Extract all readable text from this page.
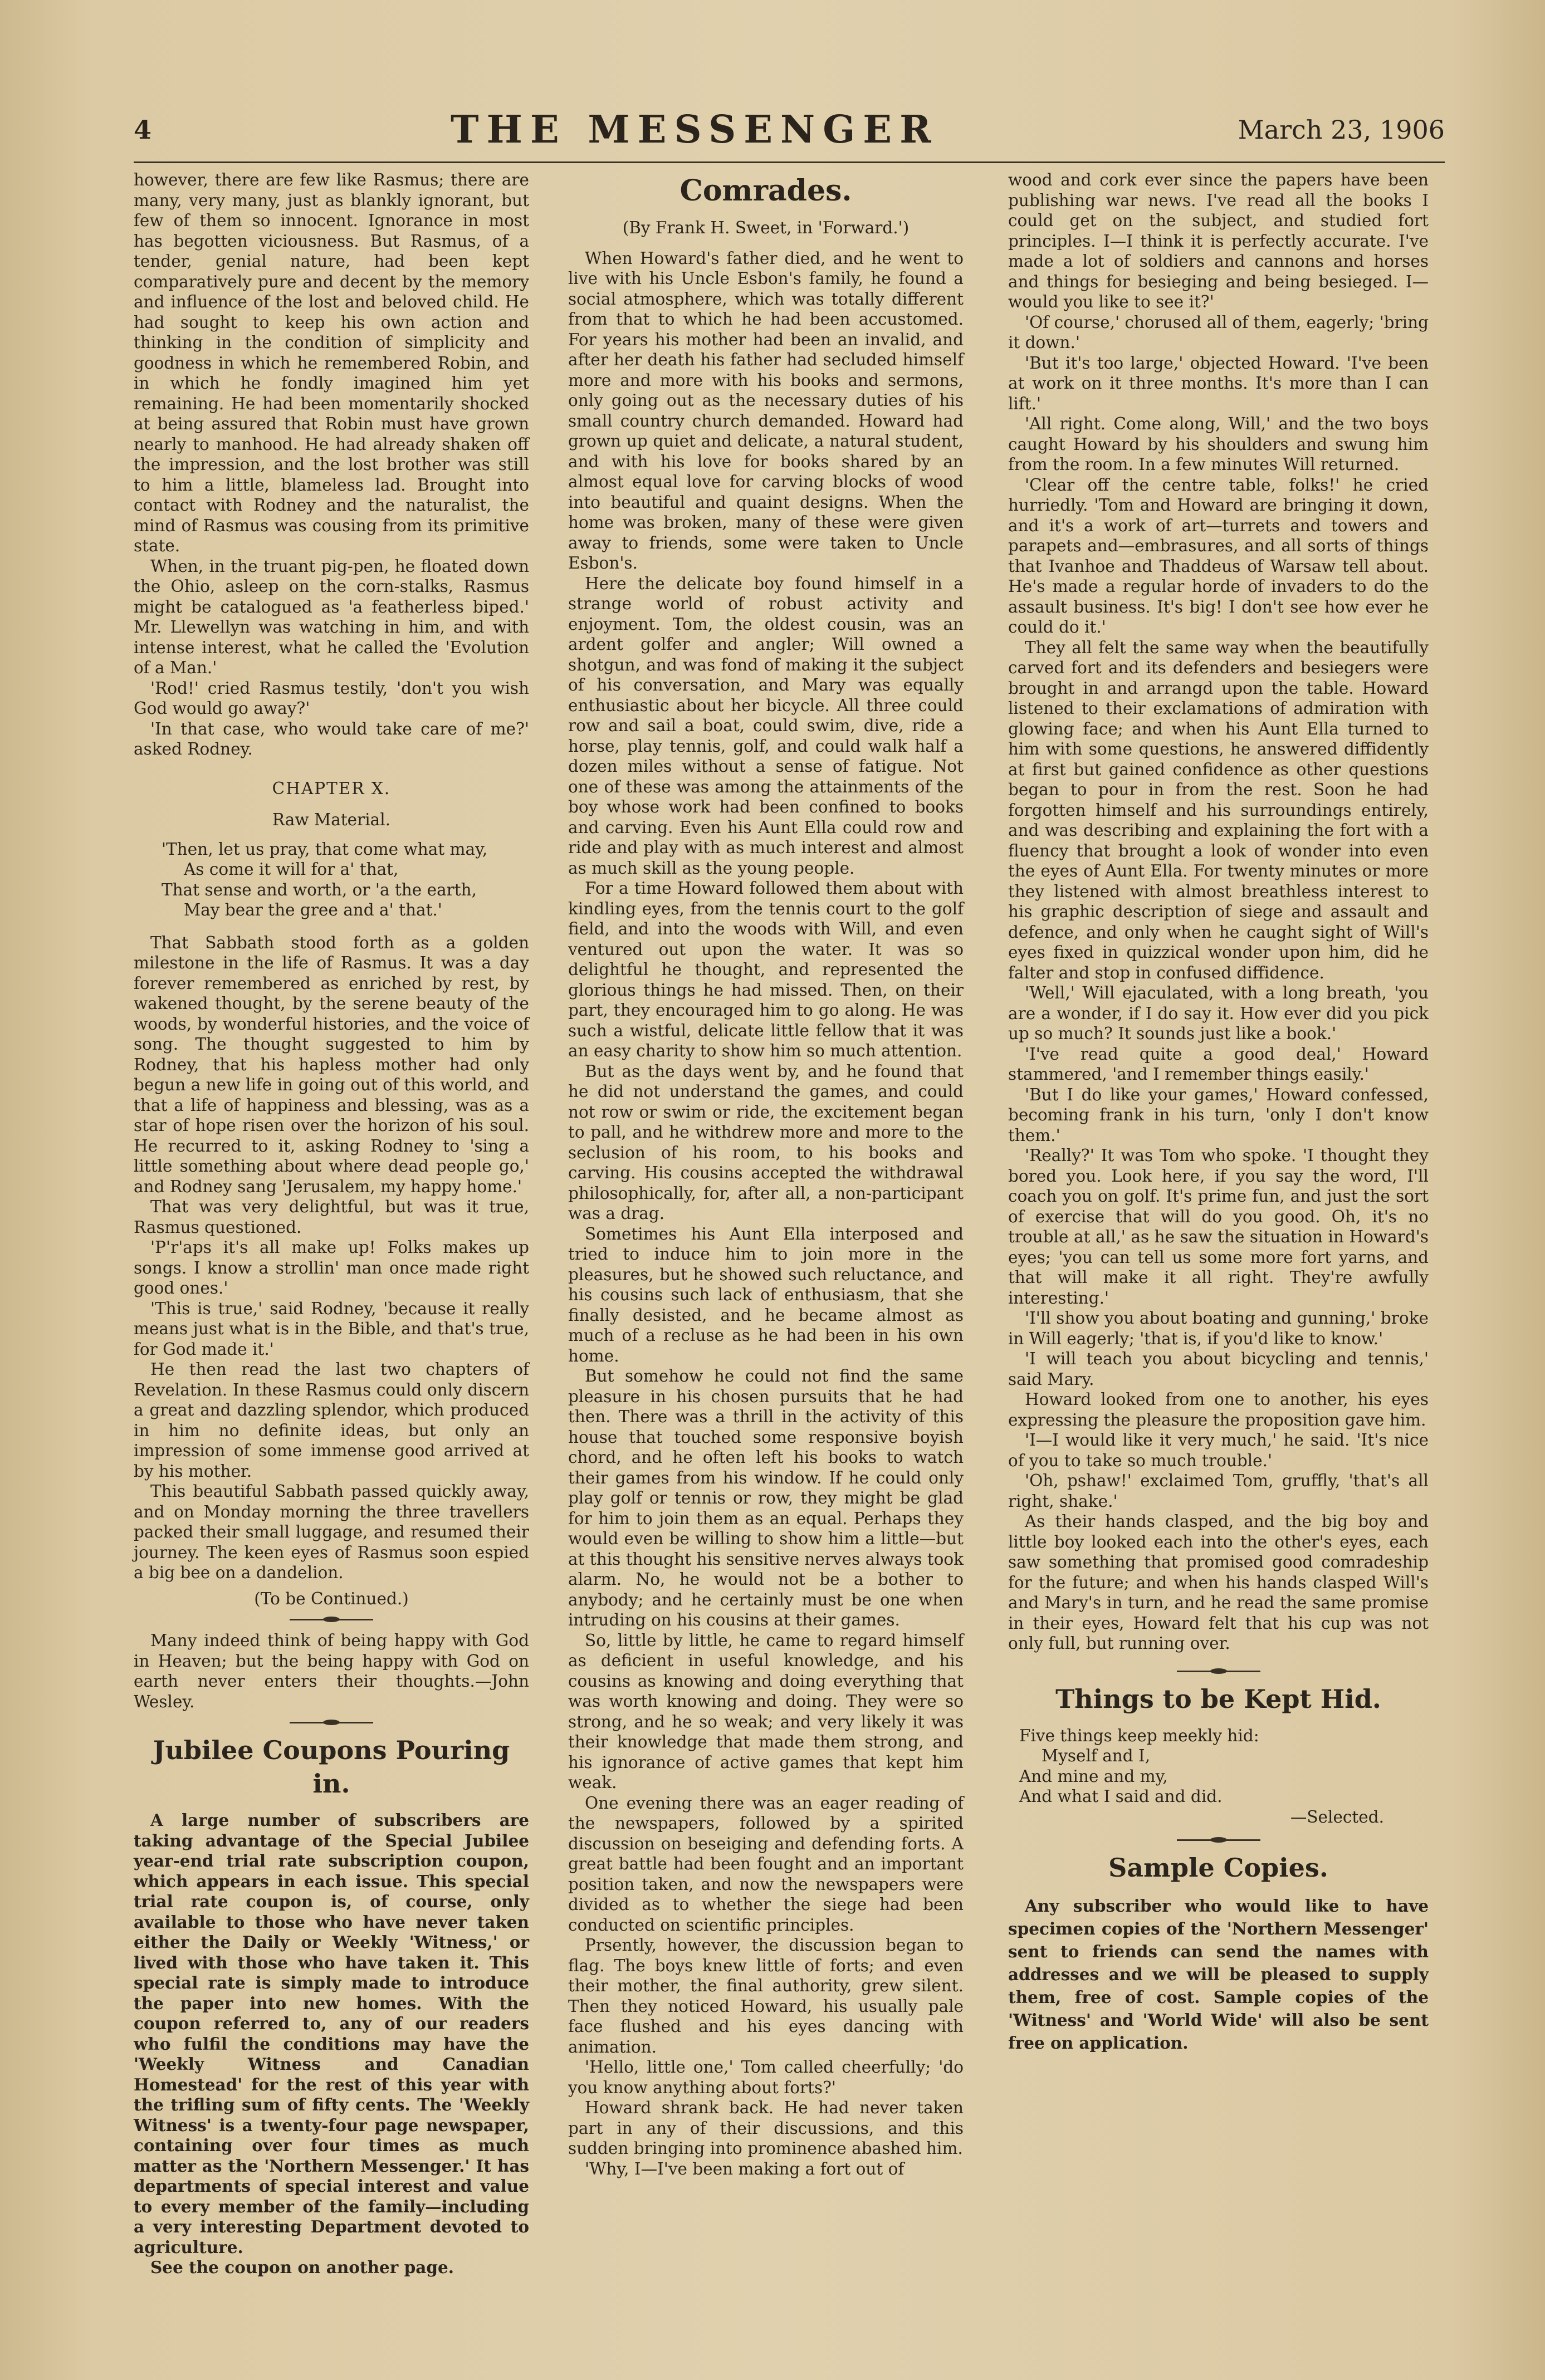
4	THE MESSENGER	March 23, 1906

however, there are few like Rasmus; there are many, very many, just as blankly ignorant, but few of them so innocent. Ignorance in most has begotten viciousness. But Rasmus, of a tender, genial nature, had been kept comparatively pure and decent by the memory and influence of the lost and beloved child. He had sought to keep his own action and thinking in the condition of simplicity and goodness in which he remembered Robin, and in which he fondly imagined him yet remaining. He had been momentarily shocked at being assured that Robin must have grown nearly to manhood. He had already shaken off the impression, and the lost brother was still to him a little, blameless lad. Brought into contact with Rodney and the naturalist, the mind of Rasmus was cousing from its primitive state.

When, in the truant pig-pen, he floated down the Ohio, asleep on the corn-stalks, Rasmus might be catalogued as 'a featherless biped.' Mr. Llewellyn was watching in him, and with intense interest, what he called the 'Evolution of a Man.'

'Rod!' cried Rasmus testily, 'don't you wish God would go away?'

'In that case, who would take care of me?' asked Rodney.

CHAPTER X.
Raw Material.
'Then, let us pray, that come what may,
As come it will for a' that,
That sense and worth, or 'a the earth,
May bear the gree and a' that.'

That Sabbath stood forth as a golden milestone in the life of Rasmus. It was a day forever remembered as enriched by rest, by wakened thought, by the serene beauty of the woods, by wonderful histories, and the voice of song. The thought suggested to him by Rodney, that his hapless mother had only begun a new life in going out of this world, and that a life of happiness and blessing, was as a star of hope risen over the horizon of his soul. He recurred to it, asking Rodney to 'sing a little something about where dead people go,' and Rodney sang 'Jerusalem, my happy home.'

That was very delightful, but was it true, Rasmus questioned.

'P'r'aps it's all make up! Folks makes up songs. I know a strollin' man once made right good ones.'

'This is true,' said Rodney, 'because it really means just what is in the Bible, and that's true, for God made it.'

He then read the last two chapters of Revelation. In these Rasmus could only discern a great and dazzling splendor, which produced in him no definite ideas, but only an impression of some immense good arrived at by his mother.

This beautiful Sabbath passed quickly away, and on Monday morning the three travellers packed their small luggage, and resumed their journey. The keen eyes of Rasmus soon espied a big bee on a dandelion.

(To be Continued.)

Many indeed think of being happy with God in Heaven; but the being happy with God on earth never enters their thoughts.—John Wesley.

Jubilee Coupons Pouring in.

A large number of subscribers are taking advantage of the Special Jubilee year-end trial rate subscription coupon, which appears in each issue. This special trial rate coupon is, of course, only available to those who have never taken either the Daily or Weekly 'Witness,' or lived with those who have taken it. This special rate is simply made to introduce the paper into new homes. With the coupon referred to, any of our readers who fulfil the conditions may have the 'Weekly Witness and Canadian Homestead' for the rest of this year with the trifling sum of fifty cents. The 'Weekly Witness' is a twenty-four page newspaper, containing over four times as much matter as the 'Northern Messenger.' It has departments of special interest and value to every member of the family—including a very interesting Department devoted to agriculture.

See the coupon on another page.

Comrades.
(By Frank H. Sweet, in 'Forward.')

When Howard's father died, and he went to live with his Uncle Esbon's family, he found a social atmosphere, which was totally different from that to which he had been accustomed. For years his mother had been an invalid, and after her death his father had secluded himself more and more with his books and sermons, only going out as the necessary duties of his small country church demanded. Howard had grown up quiet and delicate, a natural student, and with his love for books shared by an almost equal love for carving blocks of wood into beautiful and quaint designs. When the home was broken, many of these were given away to friends, some were taken to Uncle Esbon's.

Here the delicate boy found himself in a strange world of robust activity and enjoyment. Tom, the oldest cousin, was an ardent golfer and angler; Will owned a shotgun, and was fond of making it the subject of his conversation, and Mary was equally enthusiastic about her bicycle. All three could row and sail a boat, could swim, dive, ride a horse, play tennis, golf, and could walk half a dozen miles without a sense of fatigue. Not one of these was among the attainments of the boy whose work had been confined to books and carving. Even his Aunt Ella could row and ride and play with as much interest and almost as much skill as the young people.

For a time Howard followed them about with kindling eyes, from the tennis court to the golf field, and into the woods with Will, and even ventured out upon the water. It was so delightful he thought, and represented the glorious things he had missed. Then, on their part, they encouraged him to go along. He was such a wistful, delicate little fellow that it was an easy charity to show him so much attention.

But as the days went by, and he found that he did not understand the games, and could not row or swim or ride, the excitement began to pall, and he withdrew more and more to the seclusion of his room, to his books and carving. His cousins accepted the withdrawal philosophically, for, after all, a non-participant was a drag.

Sometimes his Aunt Ella interposed and tried to induce him to join more in the pleasures, but he showed such reluctance, and his cousins such lack of enthusiasm, that she finally desisted, and he became almost as much of a recluse as he had been in his own home.

But somehow he could not find the same pleasure in his chosen pursuits that he had then. There was a thrill in the activity of this house that touched some responsive boyish chord, and he often left his books to watch their games from his window. If he could only play golf or tennis or row, they might be glad for him to join them as an equal. Perhaps they would even be willing to show him a little—but at this thought his sensitive nerves always took alarm. No, he would not be a bother to anybody; and he certainly must be one when intruding on his cousins at their games.

So, little by little, he came to regard himself as deficient in useful knowledge, and his cousins as knowing and doing everything that was worth knowing and doing. They were so strong, and he so weak; and very likely it was their knowledge that made them strong, and his ignorance of active games that kept him weak.

One evening there was an eager reading of the newspapers, followed by a spirited discussion on beseiging and defending forts. A great battle had been fought and an important position taken, and now the newspapers were divided as to whether the siege had been conducted on scientific principles.

Prsently, however, the discussion began to flag. The boys knew little of forts; and even their mother, the final authority, grew silent. Then they noticed Howard, his usually pale face flushed and his eyes dancing with animation.

'Hello, little one,' Tom called cheerfully; 'do you know anything about forts?'

Howard shrank back. He had never taken part in any of their discussions, and this sudden bringing into prominence abashed him.

'Why, I—I've been making a fort out of

wood and cork ever since the papers have been publishing war news. I've read all the books I could get on the subject, and studied fort principles. I—I think it is perfectly accurate. I've made a lot of soldiers and cannons and horses and things for besieging and being besieged. I—would you like to see it?'

'Of course,' chorused all of them, eagerly; 'bring it down.'

'But it's too large,' objected Howard. 'I've been at work on it three months. It's more than I can lift.'

'All right. Come along, Will,' and the two boys caught Howard by his shoulders and swung him from the room. In a few minutes Will returned.

'Clear off the centre table, folks!' he cried hurriedly. 'Tom and Howard are bringing it down, and it's a work of art—turrets and towers and parapets and—embrasures, and all sorts of things that Ivanhoe and Thaddeus of Warsaw tell about. He's made a regular horde of invaders to do the assault business. It's big! I don't see how ever he could do it.'

They all felt the same way when the beautifully carved fort and its defenders and besiegers were brought in and arrangd upon the table. Howard listened to their exclamations of admiration with glowing face; and when his Aunt Ella turned to him with some questions, he answered diffidently at first but gained confidence as other questions began to pour in from the rest. Soon he had forgotten himself and his surroundings entirely, and was describing and explaining the fort with a fluency that brought a look of wonder into even the eyes of Aunt Ella. For twenty minutes or more they listened with almost breathless interest to his graphic description of siege and assault and defence, and only when he caught sight of Will's eyes fixed in quizzical wonder upon him, did he falter and stop in confused diffidence.

'Well,' Will ejaculated, with a long breath, 'you are a wonder, if I do say it. How ever did you pick up so much? It sounds just like a book.'

'I've read quite a good deal,' Howard stammered, 'and I remember things easily.'

'But I do like your games,' Howard confessed, becoming frank in his turn, 'only I don't know them.'

'Really?' It was Tom who spoke. 'I thought they bored you. Look here, if you say the word, I'll coach you on golf. It's prime fun, and just the sort of exercise that will do you good. Oh, it's no trouble at all,' as he saw the situation in Howard's eyes; 'you can tell us some more fort yarns, and that will make it all right. They're awfully interesting.'

'I'll show you about boating and gunning,' broke in Will eagerly; 'that is, if you'd like to know.'

'I will teach you about bicycling and tennis,' said Mary.

Howard looked from one to another, his eyes expressing the pleasure the proposition gave him.

'I—I would like it very much,' he said. 'It's nice of you to take so much trouble.'

'Oh, pshaw!' exclaimed Tom, gruffly, 'that's all right, shake.'

As their hands clasped, and the big boy and little boy looked each into the other's eyes, each saw something that promised good comradeship for the future; and when his hands clasped Will's and Mary's in turn, and he read the same promise in their eyes, Howard felt that his cup was not only full, but running over.

Things to be Kept Hid.
Five things keep meekly hid:
Myself and I,
And mine and my,
And what I said and did.
—Selected.
Sample Copies.

Any subscriber who would like to have specimen copies of the 'Northern Messenger' sent to friends can send the names with addresses and we will be pleased to supply them, free of cost. Sample copies of the 'Witness' and 'World Wide' will also be sent free on application.
